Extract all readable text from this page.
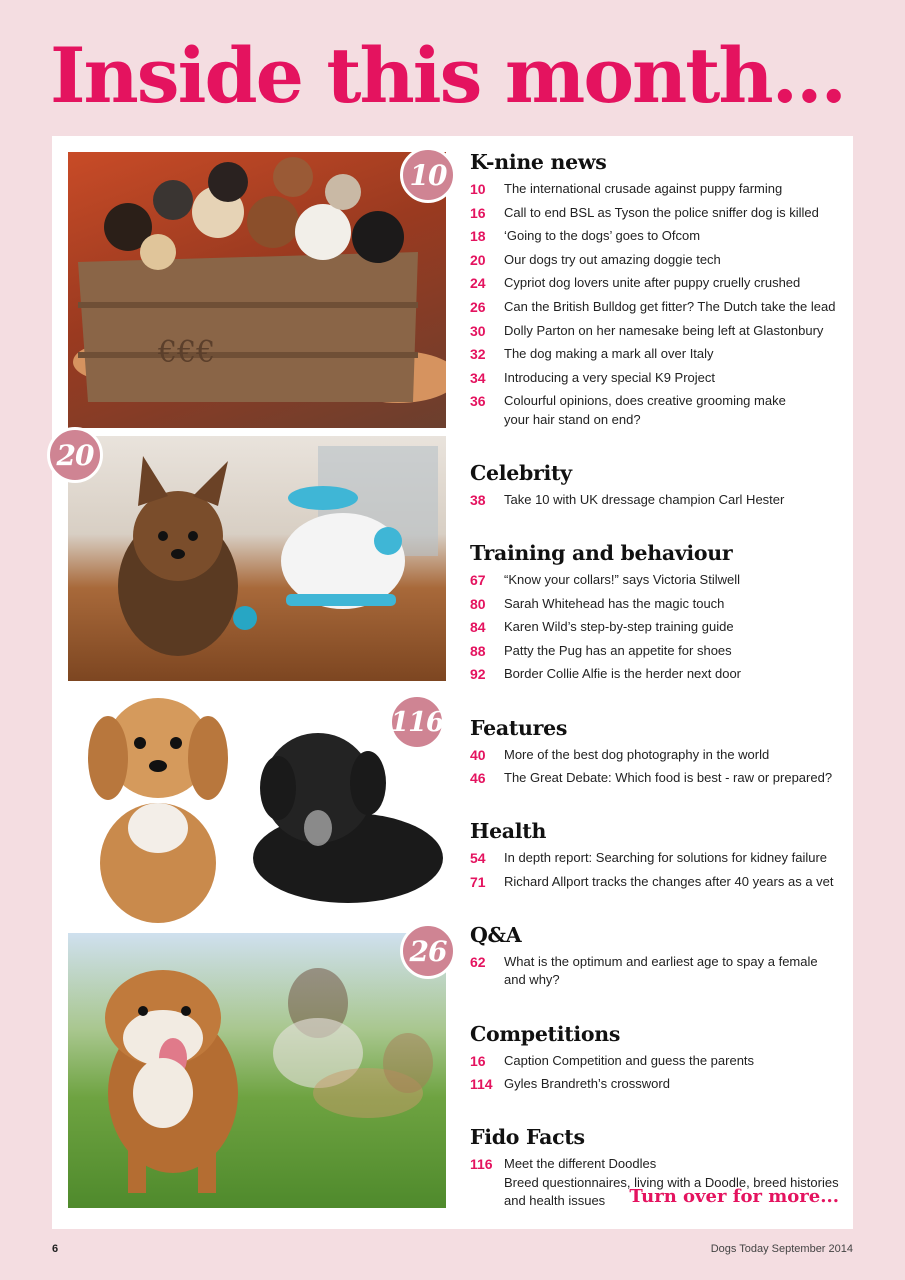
Inside this month...
€€€
10
20
116
26
K-nine news
10	The international crusade against puppy farming
16	Call to end BSL as Tyson the police sniffer dog is killed
18	‘Going to the dogs’ goes to Ofcom
20	Our dogs try out amazing doggie tech
24	Cypriot dog lovers unite after puppy cruelly crushed
26	Can the British Bulldog get fitter? The Dutch take the lead
30	Dolly Parton on her namesake being left at Glastonbury
32	The dog making a mark all over Italy
34	Introducing a very special K9 Project
36	Colourful opinions, does creative grooming make
your hair stand on end?
Celebrity
38	Take 10 with UK dressage champion Carl Hester
Training and behaviour
67	“Know your collars!” says Victoria Stilwell
80	Sarah Whitehead has the magic touch
84	Karen Wild’s step-by-step training guide
88	Patty the Pug has an appetite for shoes
92	Border Collie Alfie is the herder next door
Features
40	More of the best dog photography in the world
46	The Great Debate: Which food is best - raw or prepared?
Health
54	In depth report: Searching for solutions for kidney failure
71	Richard Allport tracks the changes after 40 years as a vet
Q&A
62	What is the optimum and earliest age to spay a female
and why?
Competitions
16	Caption Competition and guess the parents
114 Gyles Brandreth’s crossword
Fido Facts
116 Meet the different Doodles
Breed questionnaires, living with a Doodle, breed histories
and health issues	Turn over for more...
6	Dogs Today September 2014
